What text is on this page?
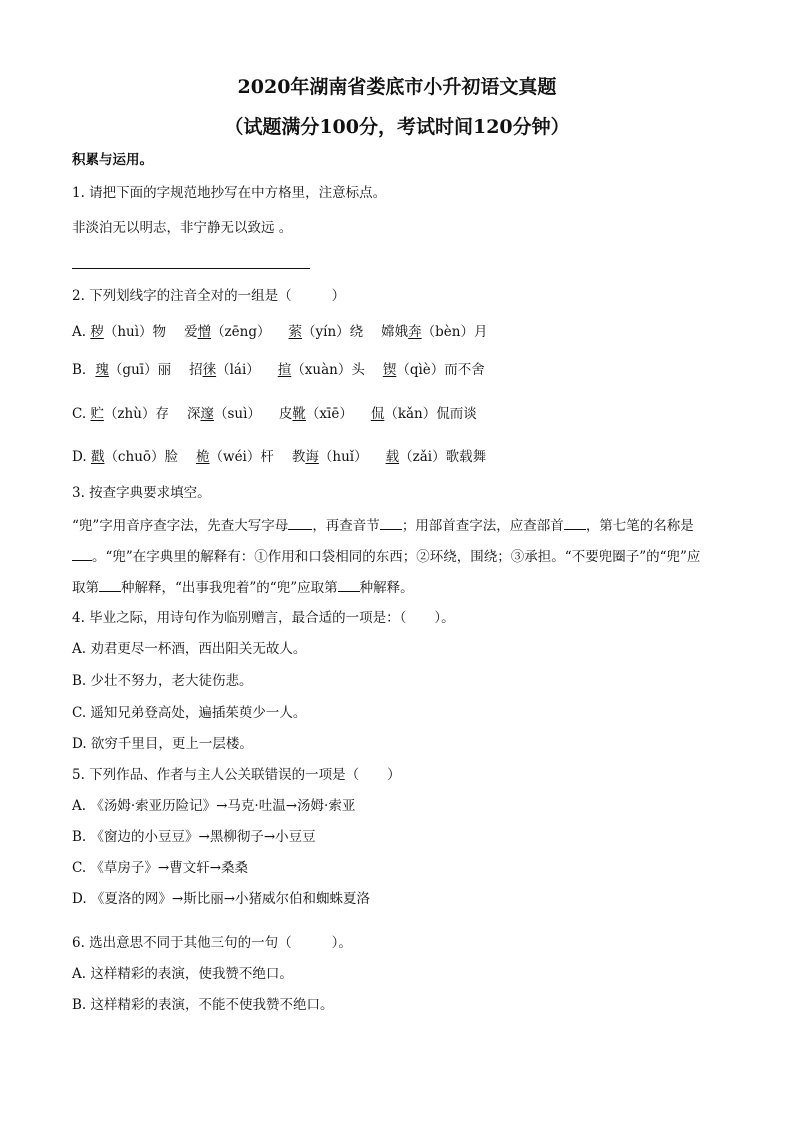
2020年湖南省娄底市小升初语文真题
（试题满分100分，考试时间120分钟）
积累与运用。
1. 请把下面的字规范地抄写在中方格里，注意标点。
非淡泊无以明志，非宁静无以致远 。
2. 下列划线字的注音全对的一组是（	）
A. 秽（huì）物 爱憎（zēng） 萦（yín）绕 嫦娥奔（bèn）月
B．瑰（guī）丽 招徕（lái） 揎（xuàn）头 锲（qìè）而不舍
C. 贮（zhù）存 深邃（suì） 皮靴（xīē） 侃（kǎn）侃而谈
D. 戳（chuō）脸 桅（wéi）杆 教诲（huǐ） 载（zǎi）歌载舞
3. 按查字典要求填空。
“兜”字用音序查字法，先查大写字母 ，再查音节 ；用部首查字法，应查部首 ，第七笔的名称是
。“兜”在字典里的解释有：①作用和口袋相同的东西；②环绕，围绕；③承担。“不要兜圈子”的“兜”应
取第 种解释，“出事我兜着”的“兜”应取第 种解释。
4. 毕业之际，用诗句作为临别赠言，最合适的一项是：（ ）。
A. 劝君更尽一杯酒，西出阳关无故人。
B. 少壮不努力，老大徒伤悲。
C. 遥知兄弟登高处，遍插茱萸少一人。
D. 欲穷千里目，更上一层楼。
5. 下列作品、作者与主人公关联错误的一项是（ ）
A. 《汤姆·索亚历险记》→马克·吐温→汤姆·索亚
B. 《窗边的小豆豆》→黑柳彻子→小豆豆
C. 《草房子》→曹文轩→桑桑
D. 《夏洛的网》→斯比丽→小猪威尔伯和蜘蛛夏洛
6. 选出意思不同于其他三句的一句（	）。
A. 这样精彩的表演，使我赞不绝口。
B. 这样精彩的表演，不能不使我赞不绝口。
